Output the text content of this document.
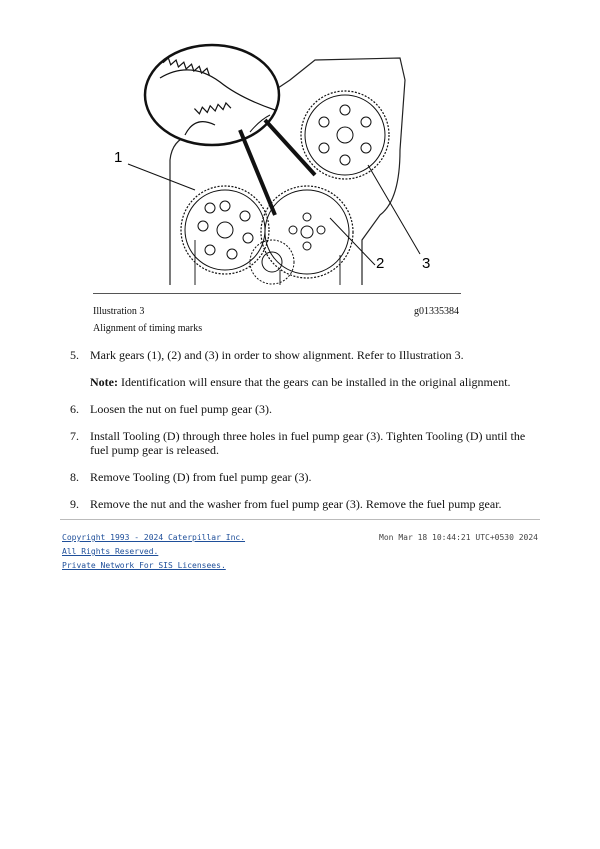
1
2	3
Illustration 3	g01335384
Alignment of timing marks
5. Mark gears (1), (2) and (3) in order to show alignment. Refer to Illustration 3.
Note: Identification will ensure that the gears can be installed in the original alignment.
6. Loosen the nut on fuel pump gear (3).
7. Install Tooling (D) through three holes in fuel pump gear (3). Tighten Tooling (D) until the fuel pump gear is released.
8. Remove Tooling (D) from fuel pump gear (3).
9. Remove the nut and the washer from fuel pump gear (3). Remove the fuel pump gear.
Copyright 1993 - 2024 Caterpillar Inc.
All Rights Reserved.
Private Network For SIS Licensees.
Mon Mar 18 10:44:21 UTC+0530 2024
